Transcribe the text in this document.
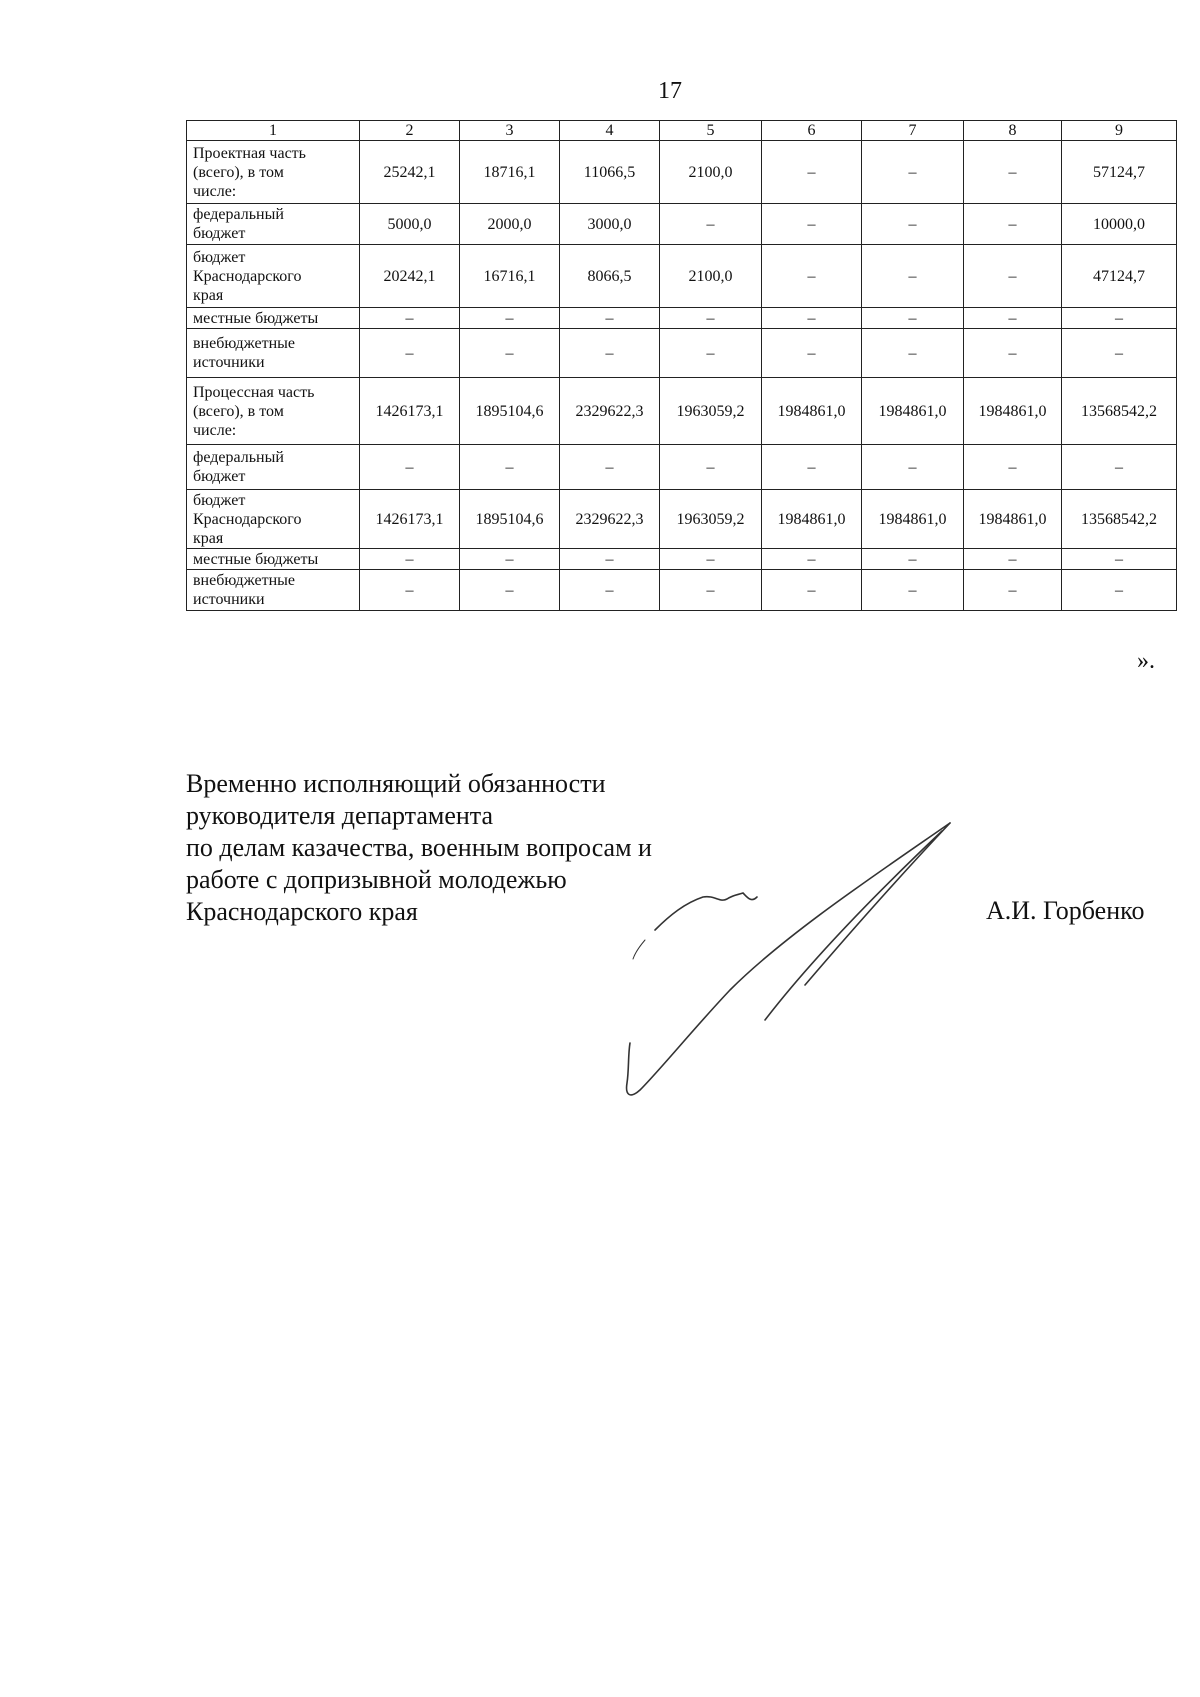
17
1	2	3	4	5	6	7	8	9

Проектная часть
(всего), в том
числе:	25242,1	18716,1	11066,5	2100,0	–	–	–	57124,7

федеральный
бюджет	5000,0	2000,0	3000,0	–	–	–	–	10000,0

бюджет
Краснодарского
края	20242,1	16716,1	8066,5	2100,0	–	–	–	47124,7

местные бюджеты	–	–	–	–	–	–	–	–

внебюджетные
источники	–	–	–	–	–	–	–	–

Процессная часть
(всего), в том
числе:	1426173,1	1895104,6	2329622,3	1963059,2	1984861,0	1984861,0	1984861,0	13568542,2

федеральный
бюджет	–	–	–	–	–	–	–	–

бюджет
Краснодарского
края	1426173,1	1895104,6	2329622,3	1963059,2	1984861,0	1984861,0	1984861,0	13568542,2

местные бюджеты	–	–	–	–	–	–	–	–

внебюджетные
источники	–	–	–	–	–	–	–	–
».
Временно исполняющий обязанности
руководителя департамента
по делам казачества, военным вопросам и
работе с допризывной молодежью
Краснодарского края	А.И. Горбенко
